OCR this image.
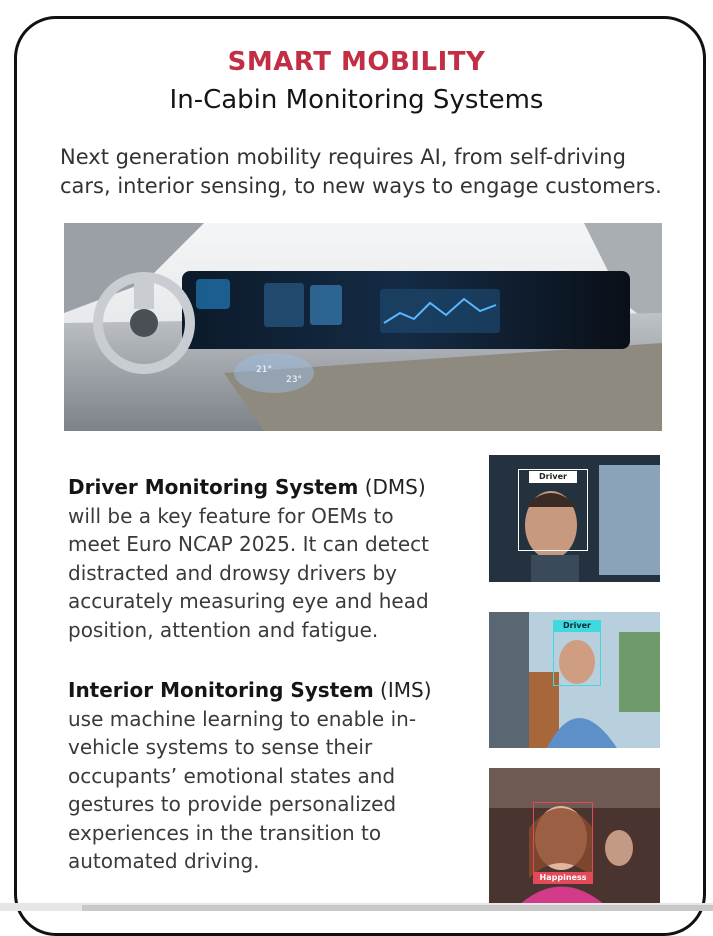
SMART MOBILITY
In-Cabin Monitoring Systems
Next generation mobility requires AI, from self-driving
cars, interior sensing, to new ways to engage customers.
21°
23°
Driver Monitoring System (DMS)
will be a key feature for OEMs to
meet Euro NCAP 2025. It can detect
distracted and drowsy drivers by
accurately measuring eye and head
position, attention and fatigue.
Interior Monitoring System (IMS)
use machine learning to enable in-
vehicle systems to sense their
occupants’ emotional states and
gestures to provide personalized
experiences in the transition to
automated driving.
Driver
Driver
Happiness
